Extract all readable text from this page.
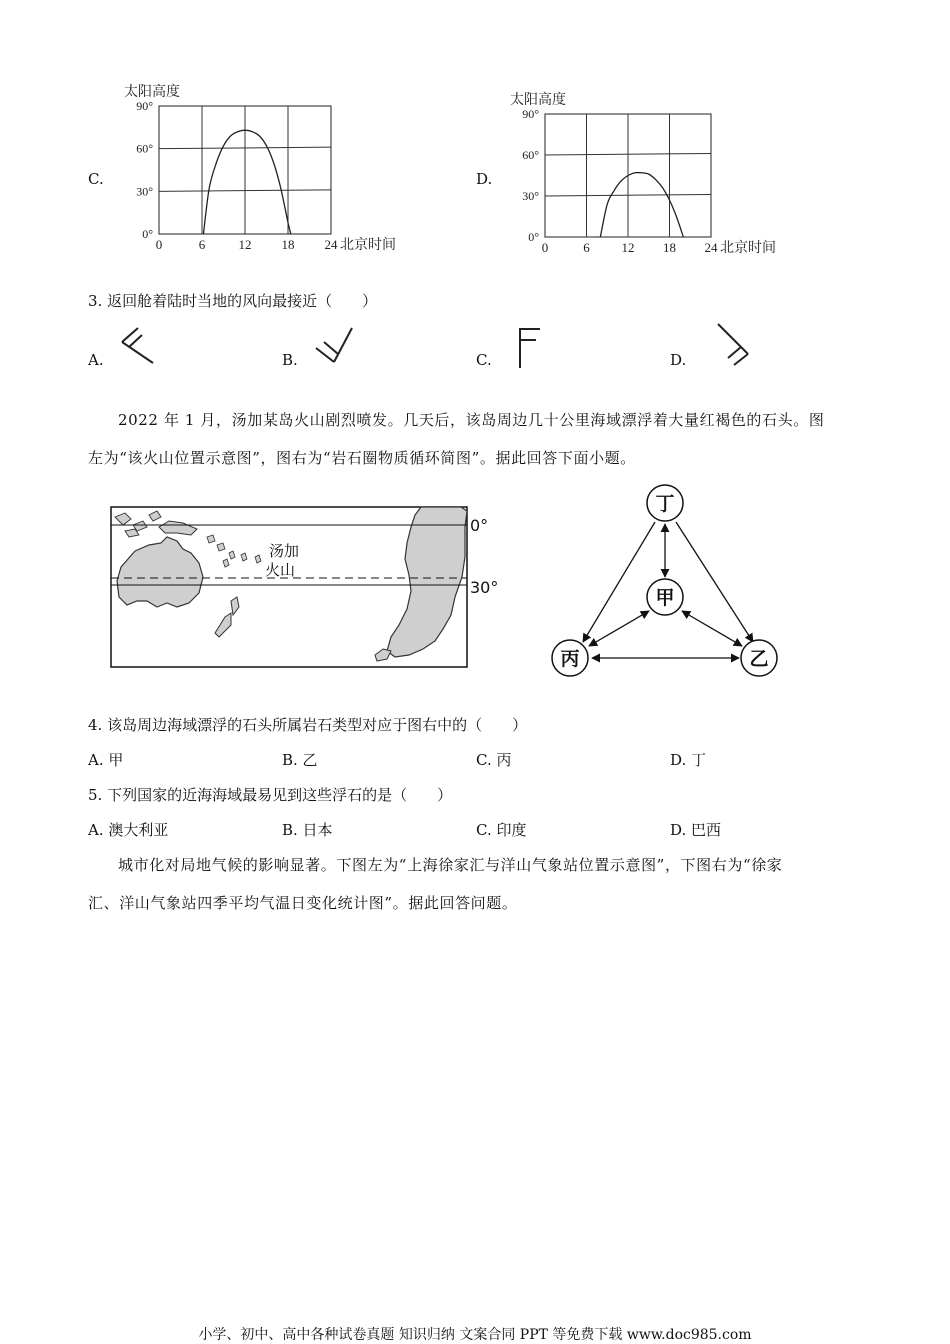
C.
0	6	12 18 24
0°
30°
60°
90°
太阳高度
北京时间
D.
0	6 12 18 24
0°
30°
60°
90°
太阳高度
北京时间
3. 返回舱着陆时当地的风向最接近（　　）
A.	B.	C.	D.
2022 年 1 月，汤加某岛火山剧烈喷发。几天后，该岛周边几十公里海域漂浮着大量红褐色的石头。图
左为“该火山位置示意图”，图右为“岩石圈物质循环简图”。据此回答下面小题。
汤加
火山
0°
30°
丁
甲
丙	乙
4. 该岛周边海域漂浮的石头所属岩石类型对应于图右中的（　　）
A. 甲	B. 乙	C. 丙	D. 丁
5. 下列国家的近海海域最易见到这些浮石的是（　　）
A. 澳大利亚	B. 日本	C. 印度	D. 巴西
城市化对局地气候的影响显著。下图左为“上海徐家汇与洋山气象站位置示意图”，下图右为“徐家
汇、洋山气象站四季平均气温日变化统计图”。据此回答问题。
小学、初中、高中各种试卷真题 知识归纳 文案合同 PPT 等免费下载 www.doc985.com
